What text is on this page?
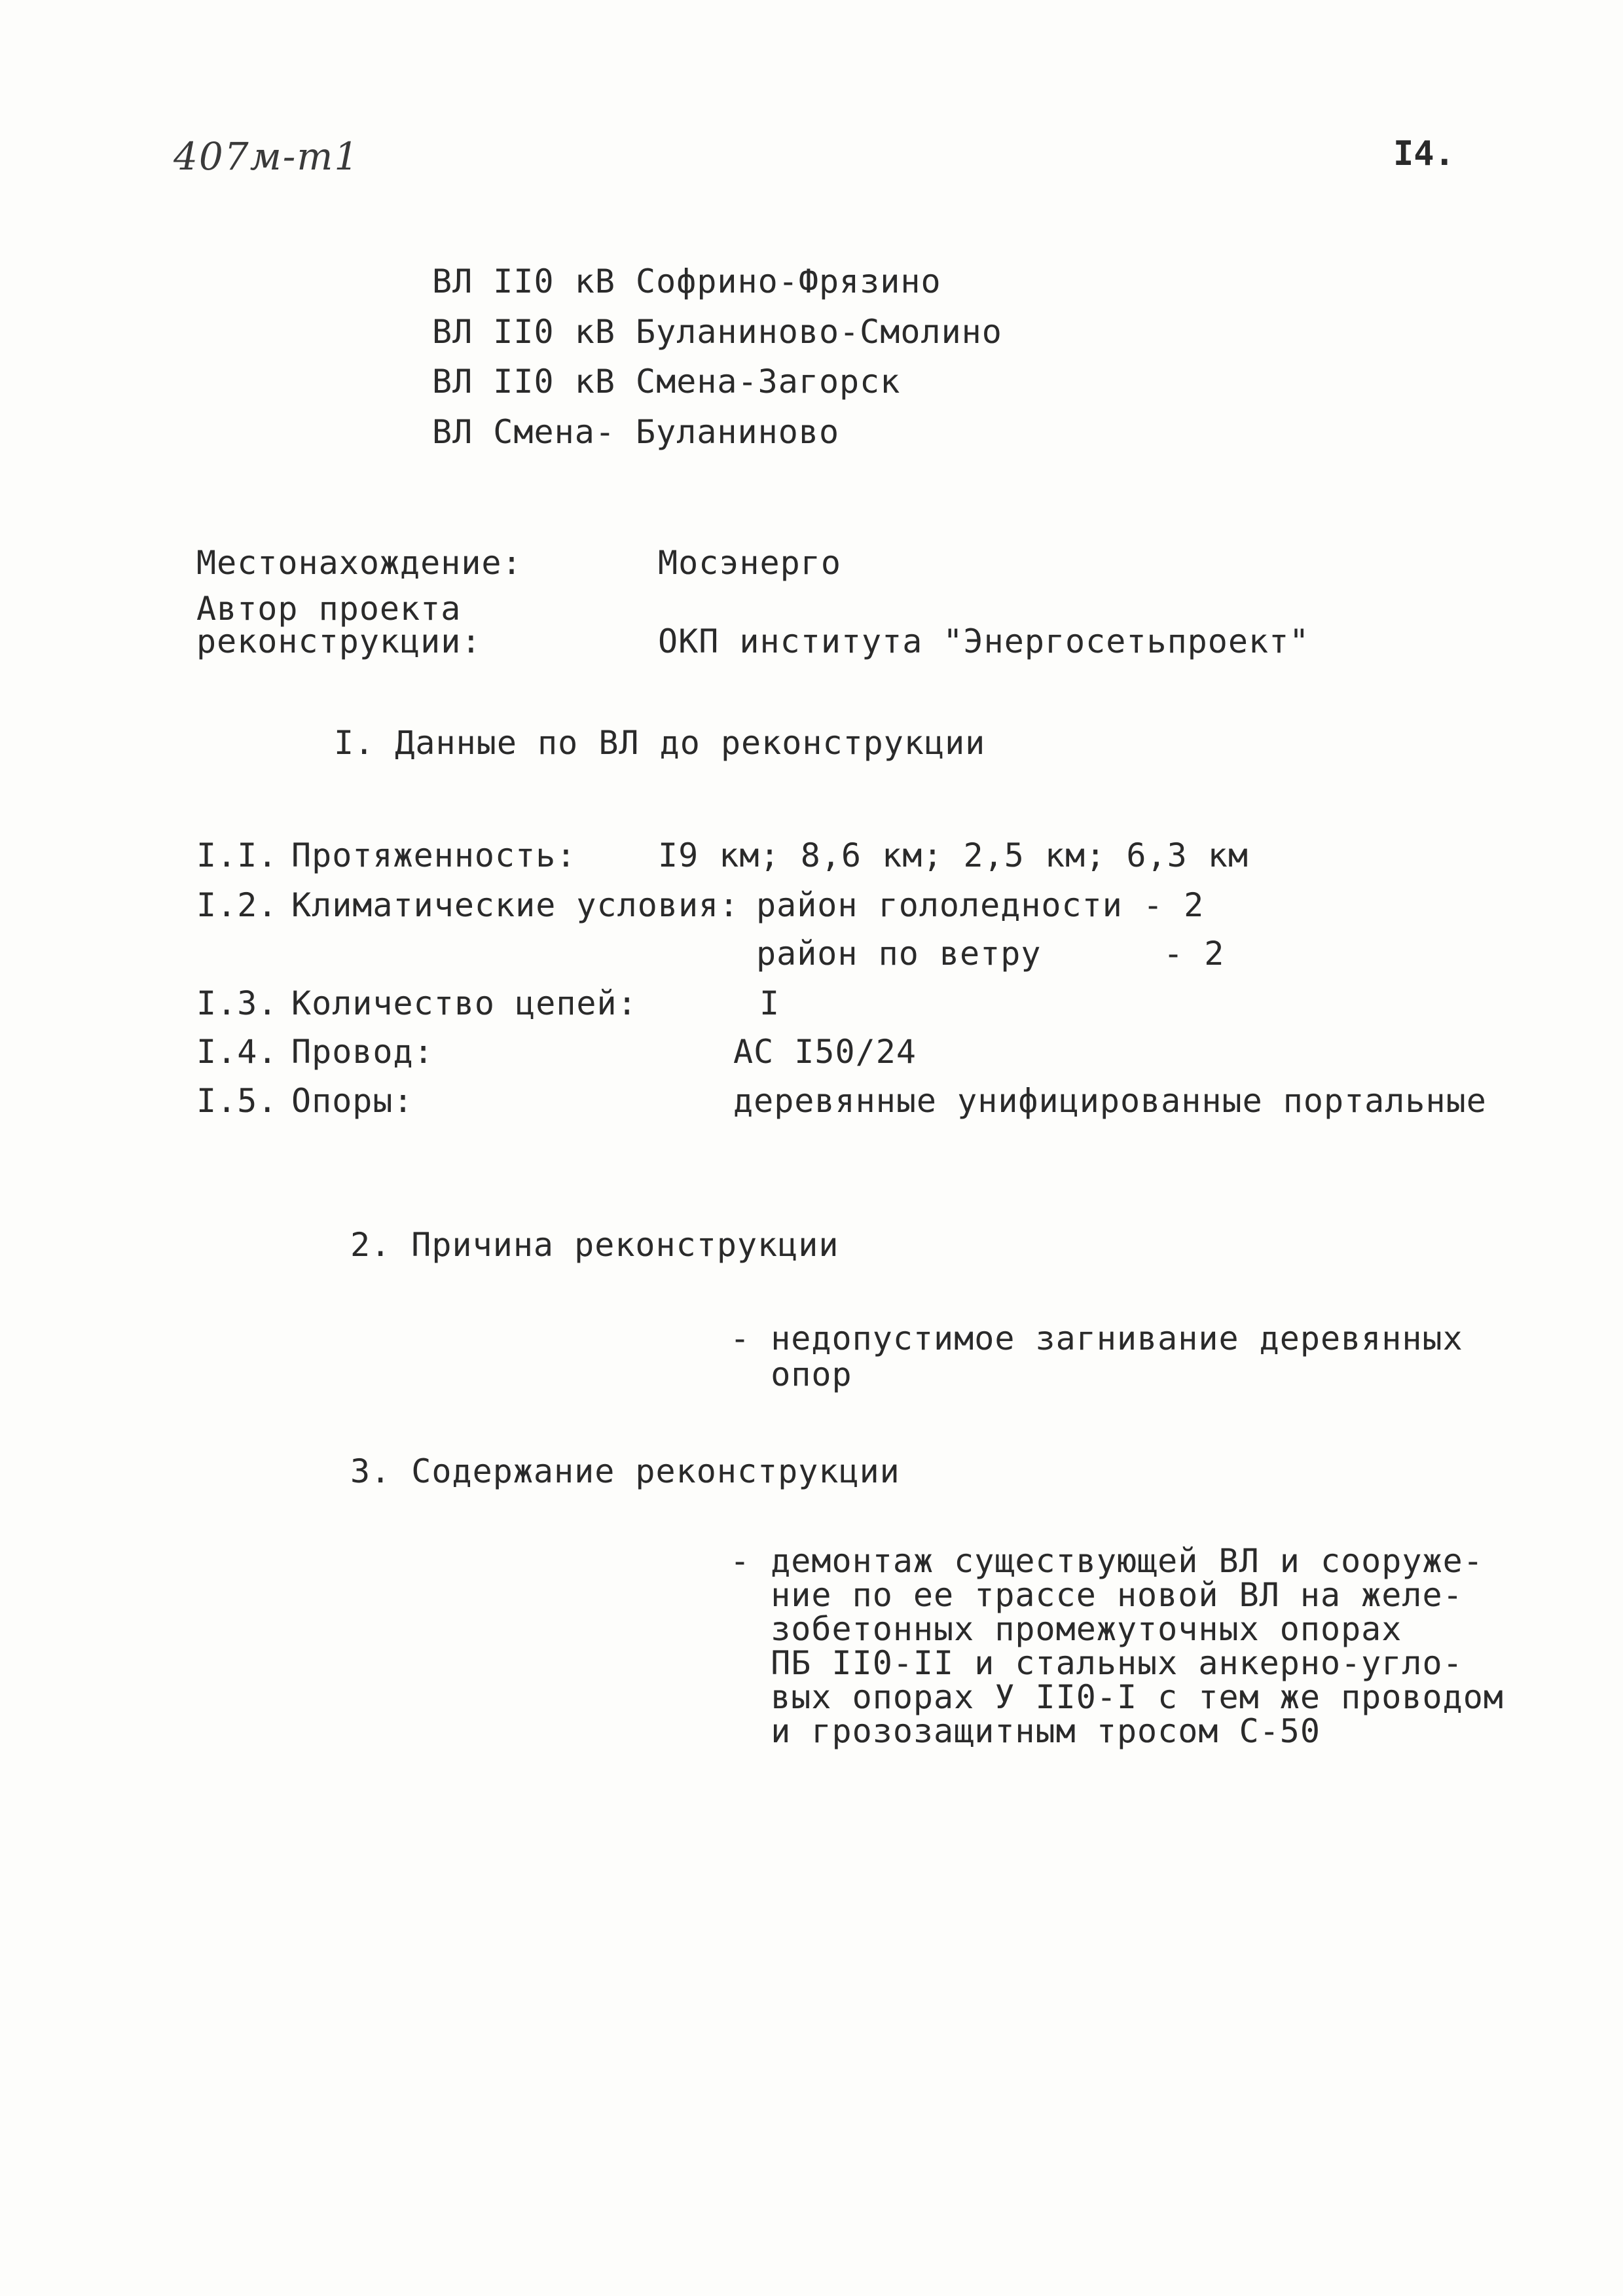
407м-т1	I4.
ВЛ II0 кВ Софрино-Фрязино
ВЛ II0 кВ Буланиново-Смолино
ВЛ II0 кВ Смена-Загорск
ВЛ Смена- Буланиново
Местонахождение:	Мосэнерго
Автор проекта
реконструкции:	ОКП института "Энергосетьпроект"
I. Данные по ВЛ до реконструкции
I.I. Протяженность: I9 км; 8,6 км; 2,5 км; 6,3 км
I.2. Климатические условия: район гололедности - 2
район по ветру      - 2
I.3. Количество цепей:	I
I.4. Провод:	АС I50/24
I.5. Опоры:	деревянные унифицированные портальные
2. Причина реконструкции
- недопустимое загнивание деревянных
опор
3. Содержание реконструкции
- демонтаж существующей ВЛ и сооруже-
ние по ее трассе новой ВЛ на желе-
зобетонных промежуточных опорах
ПБ II0-II и стальных анкерно-угло-
вых опорах У II0-I с тем же проводом
и грозозащитным тросом С-50
